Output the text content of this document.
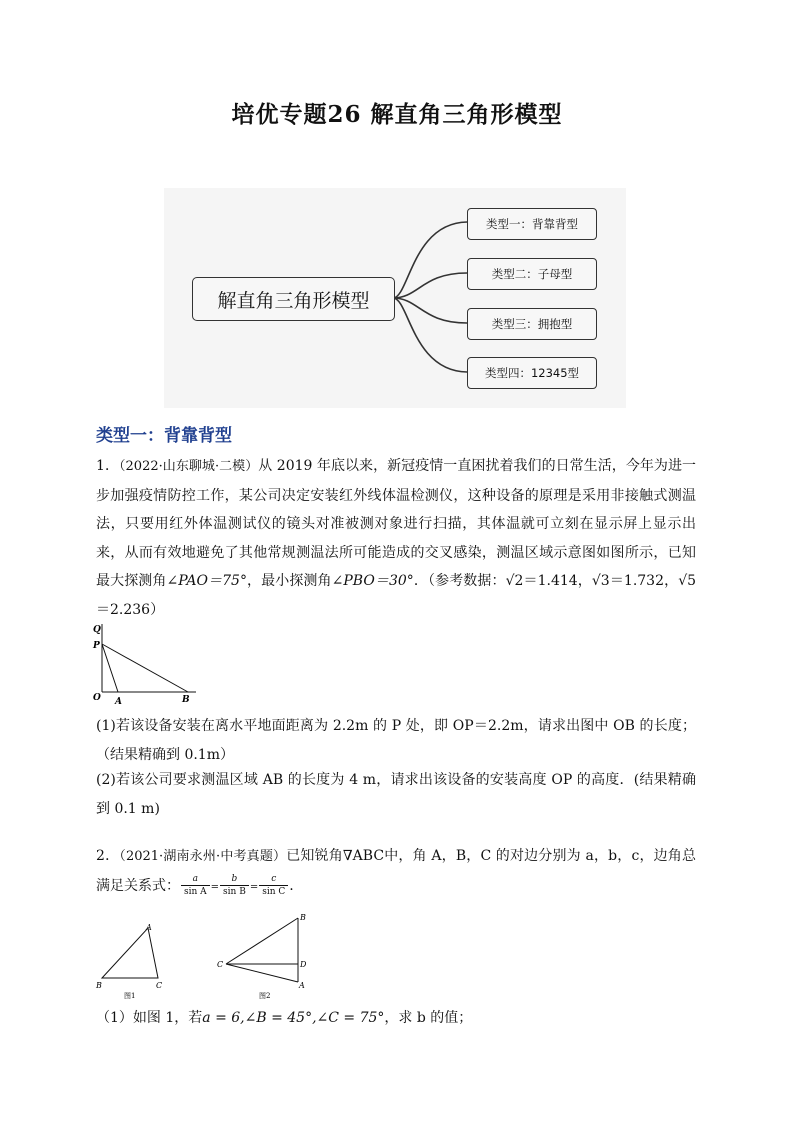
培优专题26 解直角三角形模型
解直角三角形模型
类型一：背靠背型
类型二：子母型
类型三：拥抱型
类型四：12345型
类型一：背靠背型
1．（2022·山东聊城·二模）从 2019 年底以来，新冠疫情一直困扰着我们的日常生活，今年为进一步加强疫情防控工作，某公司决定安装红外线体温检测仪，这种设备的原理是采用非接触式测温法，只要用红外体温测试仪的镜头对准被测对象进行扫描，其体温就可立刻在显示屏上显示出来，从而有效地避免了其他常规测温法所可能造成的交叉感染，测温区域示意图如图所示，已知最大探测角∠PAO＝75°，最小探测角∠PBO＝30°．（参考数据：√2＝1.414，√3＝1.732，√5＝2.236）
Q
P
O A	B
(1)若该设备安装在离水平地面距离为 2.2m 的 P 处，即 OP＝2.2m，请求出图中 OB 的长度；（结果精确到 0.1m）
(2)若该公司要求测温区域 AB 的长度为 4 m，请求出该设备的安装高度 OP 的高度．(结果精确到 0.1 m)
2．（2021·湖南永州·中考真题）已知锐角∇ABC中，角 A，B，C 的对边分别为 a，b，c，边角总满足关系式： $\frac{a}{\text{sin A}} = \frac{b}{\text{sin B}} = \frac{c}{\text{sin C}}$ .
A
B	C
图1
B
C	D
A
图2
（1）如图 1，若a = 6,∠B = 45°,∠C = 75°，求 b 的值；
